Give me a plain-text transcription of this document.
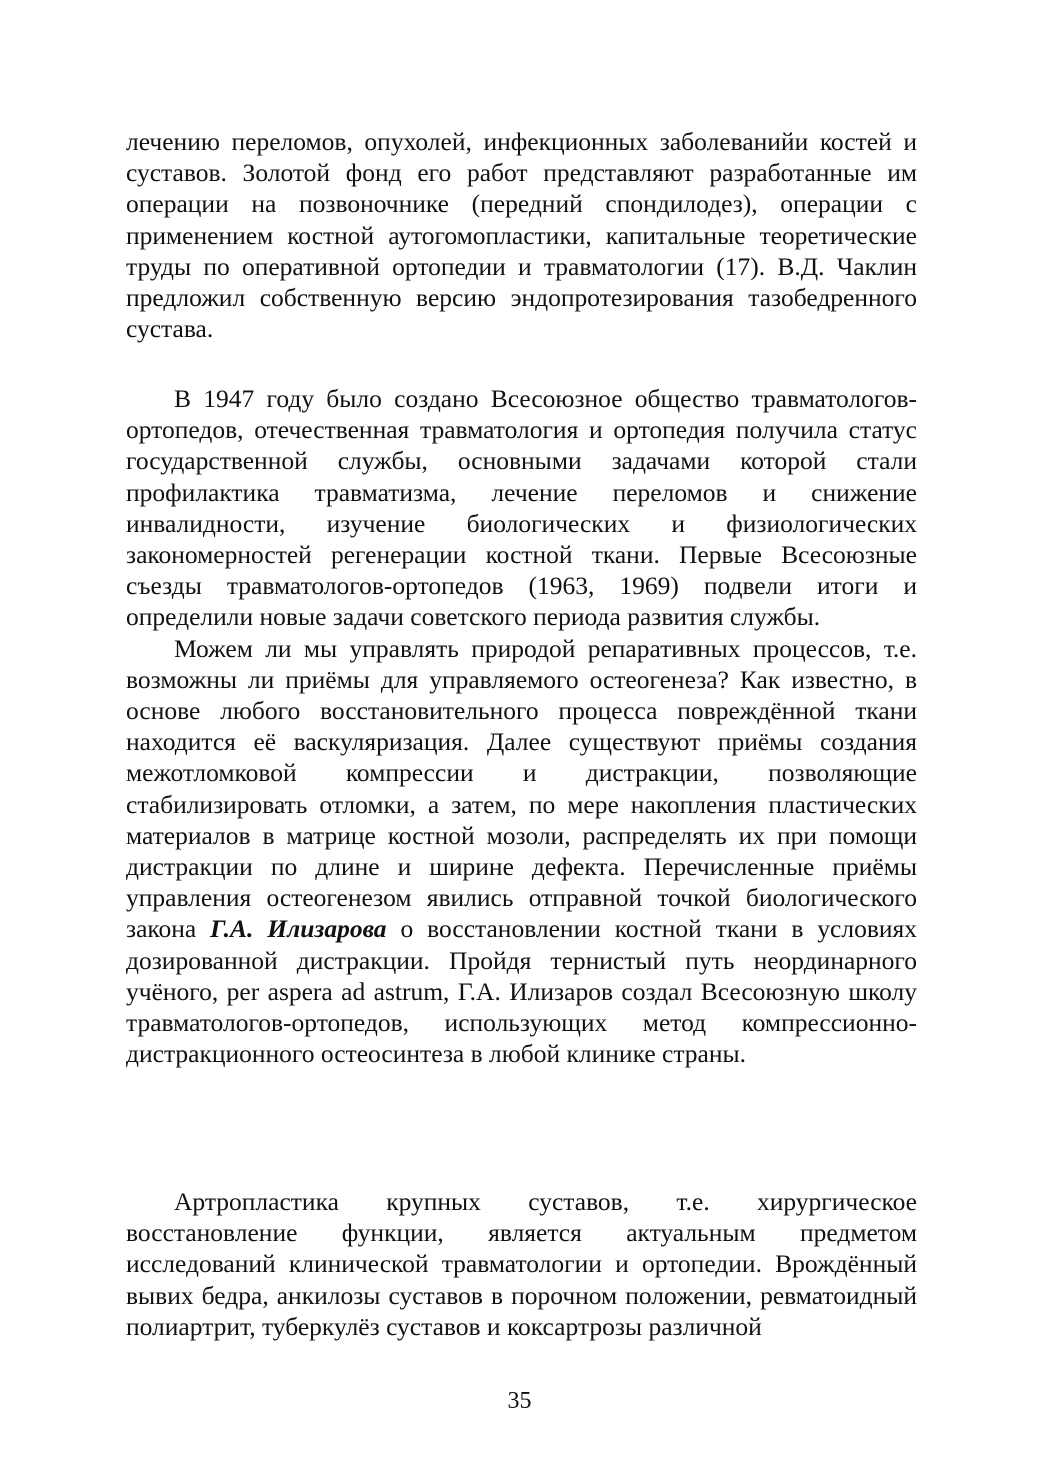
лечению переломов, опухолей, инфекционных заболеванийи костей и суставов. Золотой фонд его работ представляют разработанные им операции на позвоночнике (передний спондилодез), операции с применением костной аутогомопластики, капитальные теоретические труды по оперативной ортопедии и травматологии (17). В.Д. Чаклин предложил собственную версию эндопротезирования тазобедренного сустава.

В 1947 году было создано Всесоюзное общество травматологов-ортопедов, отечественная травматология и ортопедия получила статус государственной службы, основными задачами которой стали профилактика травматизма, лечение переломов и снижение инвалидности, изучение биологических и физиологических закономерностей регенерации костной ткани. Первые Всесоюзные съезды травматологов-ортопедов (1963, 1969) подвели итоги и определили новые задачи советского периода развития службы.

Можем ли мы управлять природой репаративных процессов, т.е. возможны ли приёмы для управляемого остеогенеза? Как известно, в основе любого восстановительного процесса повреждённой ткани находится её васкуляризация. Далее существуют приёмы создания межотломковой компрессии и дистракции, позволяющие стабилизировать отломки, а затем, по мере накопления пластических материалов в матрице костной мозоли, распределять их при помощи дистракции по длине и ширине дефекта. Перечисленные приёмы управления остеогенезом явились отправной точкой биологического закона Г.А. Илизарова о восстановлении костной ткани в условиях дозированной дистракции. Пройдя тернистый путь неординарного учёного, per aspera ad astrum, Г.А. Илизаров создал Всесоюзную школу травматологов-ортопедов, использующих метод компрессионно-дистракционного остеосинтеза в любой клинике страны.

Артропластика крупных суставов, т.е. хирургическое восстановление функции, является актуальным предметом исследований клинической травматологии и ортопедии. Врождённый вывих бедра, анкилозы суставов в порочном положении, ревматоидный полиартрит, туберкулёз суставов и коксартрозы различной

35
